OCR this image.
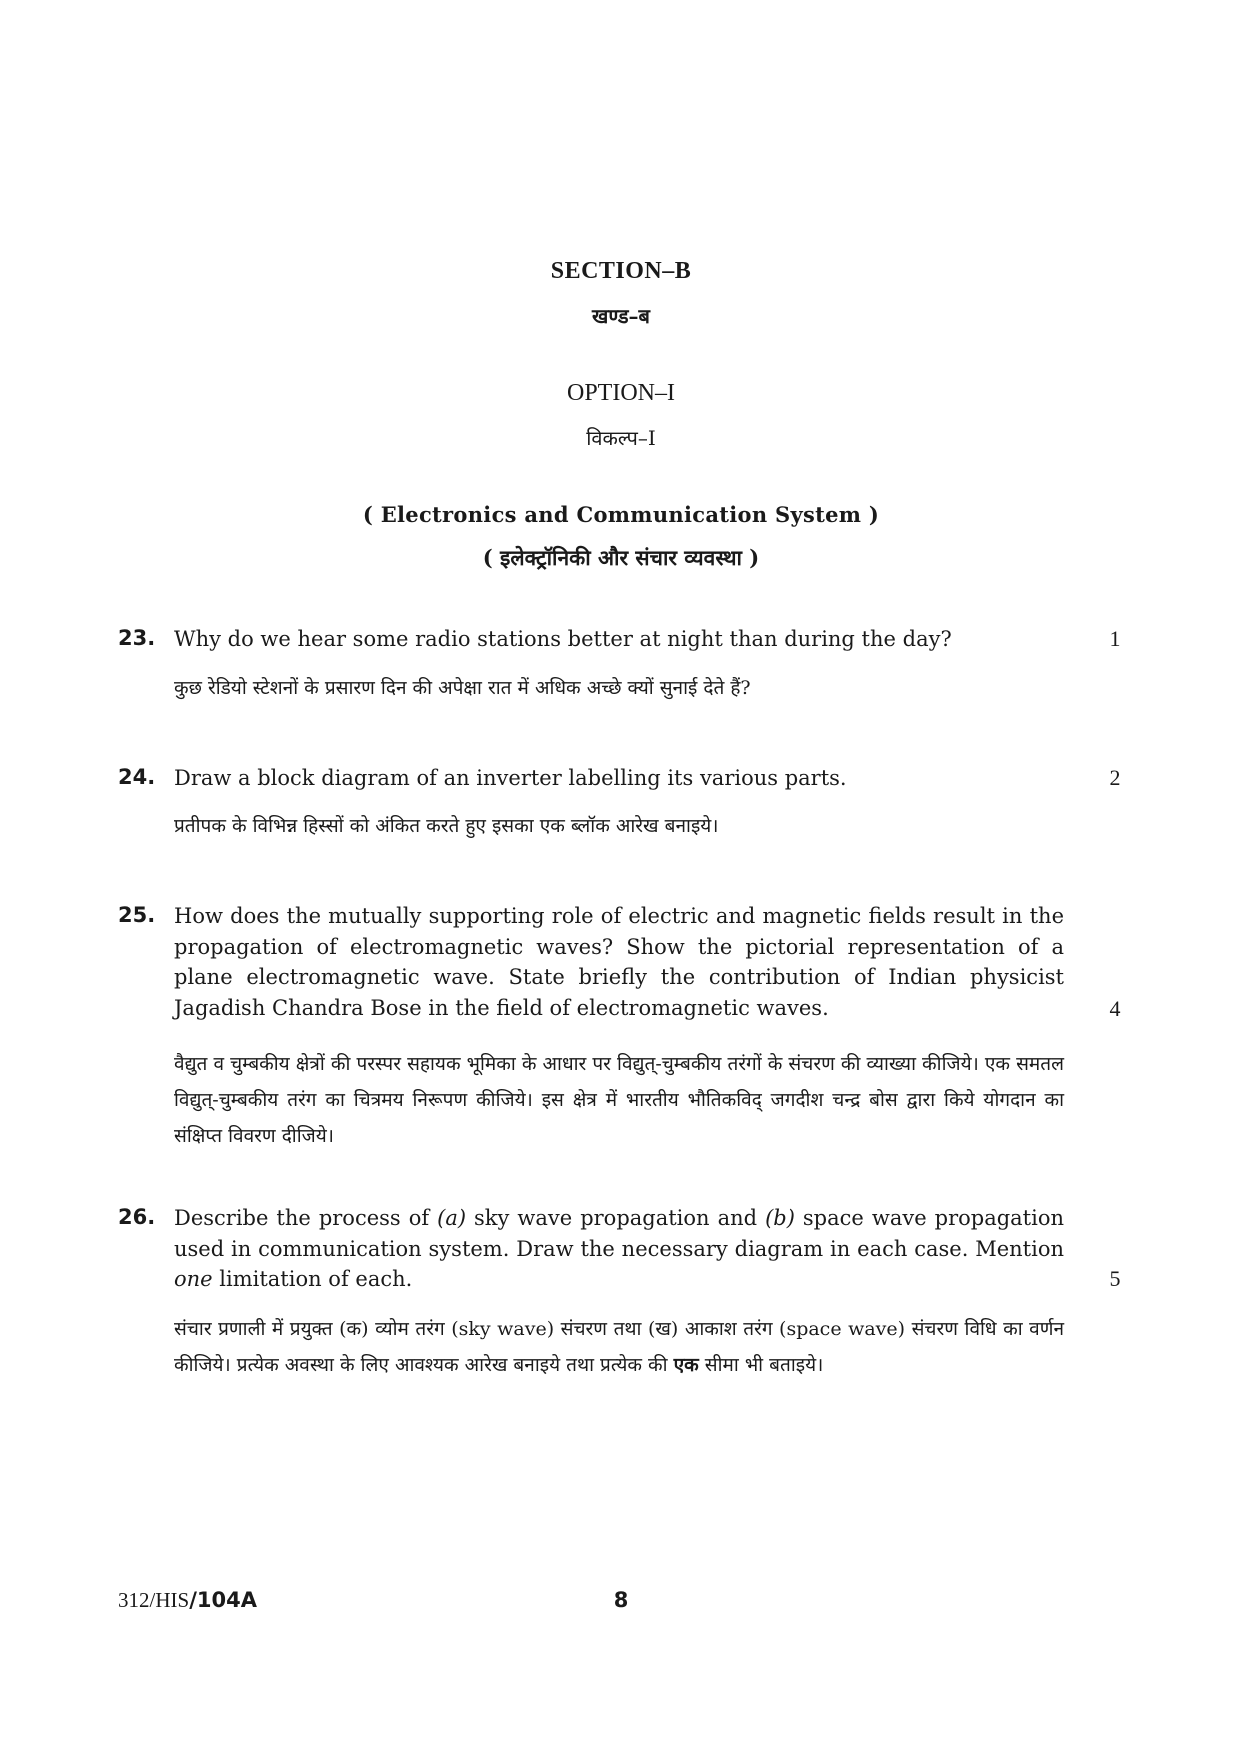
SECTION–B
खण्ड–ब
OPTION–I
विकल्प–I
( Electronics and Communication System )
( इलेक्ट्रॉनिकी और संचार व्यवस्था )
23. Why do we hear some radio stations better at night than during the day?	1
कुछ रेडियो स्टेशनों के प्रसारण दिन की अपेक्षा रात में अधिक अच्छे क्यों सुनाई देते हैं?
24. Draw a block diagram of an inverter labelling its various parts.	2
प्रतीपक के विभिन्न हिस्सों को अंकित करते हुए इसका एक ब्लॉक आरेख बनाइये।
25. How does the mutually supporting role of electric and magnetic fields result in the propagation of electromagnetic waves? Show the pictorial representation of a plane electromagnetic wave. State briefly the contribution of Indian physicist Jagadish Chandra Bose in the field of electromagnetic waves.	4
वैद्युत व चुम्बकीय क्षेत्रों की परस्पर सहायक भूमिका के आधार पर विद्युत्-चुम्बकीय तरंगों के संचरण की व्याख्या कीजिये। एक समतल विद्युत्-चुम्बकीय तरंग का चित्रमय निरूपण कीजिये। इस क्षेत्र में भारतीय भौतिकविद् जगदीश चन्द्र बोस द्वारा किये योगदान का संक्षिप्त विवरण दीजिये।
26. Describe the process of (a) sky wave propagation and (b) space wave propagation used in communication system. Draw the necessary diagram in each case. Mention one limitation of each.	5
संचार प्रणाली में प्रयुक्त (क) व्योम तरंग (sky wave) संचरण तथा (ख) आकाश तरंग (space wave) संचरण विधि का वर्णन कीजिये। प्रत्येक अवस्था के लिए आवश्यक आरेख बनाइये तथा प्रत्येक की एक सीमा भी बताइये।
312/HIS/104A	8
